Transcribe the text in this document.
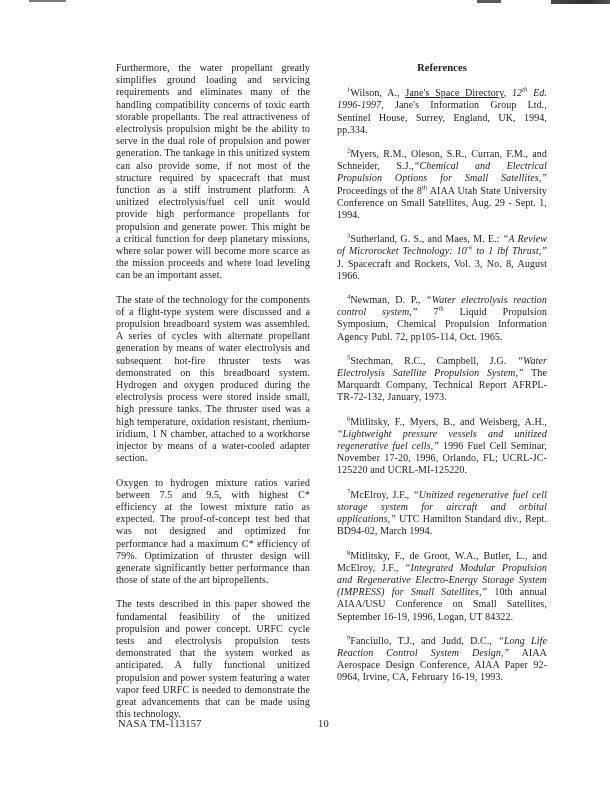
Furthermore, the water propellant greatly simplifies ground loading and servicing requirements and eliminates many of the handling compatibility concerns of toxic earth storable propellants. The real attractiveness of electrolysis propulsion might be the ability to serve in the dual role of propulsion and power generation. The tankage in this unitized system can also provide some, if not most of the structure required by spacecraft that must function as a stiff instrument platform. A unitized electrolysis/fuel cell unit would provide high performance propellants for propulsion and generate power. This might be a critical function for deep planetary missions, where solar power will become more scarce as the mission proceeds and where load leveling can be an important asset.

The state of the technology for the components of a flight-type system were discussed and a propulsion breadboard system was assembled. A series of cycles with alternate propellant generation by means of water electrolysis and subsequent hot-fire thruster tests was demonstrated on this breadboard system. Hydrogen and oxygen produced during the electrolysis process were stored inside small, high pressure tanks. The thruster used was a high temperature, oxidation resistant, rhenium-iridium, 1 N chamber, attached to a workhorse injector by means of a water-cooled adapter section.

Oxygen to hydrogen mixture ratios varied between 7.5 and 9.5, with highest C* efficiency at the lowest mixture ratio as expected. The proof-of-concept test bed that was not designed and optimized for performance had a maximum C* efficiency of 79%. Optimization of thruster design will generate significantly better performance than those of state of the art bipropellents.

The tests described in this paper showed the fundamental feasibility of the unitized propulsion and power concept. URFC cycle tests and electrolysis propulsion tests demonstrated that the system worked as anticipated. A fully functional unitized propulsion and power system featuring a water vapor feed URFC is needed to demonstrate the great advancements that can be made using this technology.

References

$^1$Wilson, A., Jane's Space Directory, 12th Ed. 1996-1997, Jane's Information Group Ltd., Sentinel House, Surrey, England, UK, 1994, pp.334.

$^2$Myers, R.M., Oleson, S.R., Curran, F.M., and Schneider, S.J.,“Chemical and Electrical Propulsion Options for Small Satellites,” Proceedings of the 8th AIAA Utah State University Conference on Small Satellites, Aug. 29 - Sept. 1, 1994.

$^3$Sutherland, G. S., and Maes, M. E.: “A Review of Microrocket Technology: $10^{-6}$ to 1 lbf Thrust,” J. Spacecraft and Rockets, Vol. 3, No. 8, August 1966.

$^4$Newman, D. P., “Water electrolysis reaction control system,” 7th Liquid Propulsion Symposium, Chemical Propulsion Information Agency Publ. 72, pp105-114, Oct. 1965.

$^5$Stechman, R.C., Campbell, J.G. “Water Electrolysis Satellite Propulsion System,” The Marquardt Company, Technical Report AFRPL-TR-72-132, January, 1973.

$^6$Mitlitsky, F., Myers, B., and Weisberg, A.H., “Lightweight pressure vessels and unitized regenerative fuel cells,” 1996 Fuel Cell Seminar, November 17-20, 1996, Orlando, FL; UCRL-JC-125220 and UCRL-MI-125220.

$^7$McElroy, J.F., “Unitized regenerative fuel cell storage system for aircraft and orbital applications,” UTC Hamilton Standard div., Rept. BD94-02, March 1994.

$^8$Mitlitsky, F., de Groot, W.A., Butler, L., and McElroy, J.F., “Integrated Modular Propulsion and Regenerative Electro-Energy Storage System (IMPRESS) for Small Satellites,” 10th annual AIAA/USU Conference on Small Satellites, September 16-19, 1996, Logan, UT 84322.

$^9$Fanciullo, T.J., and Judd, D.C., “Long Life Reaction Control System Design,” AIAA Aerospace Design Conference, AIAA Paper 92-0964, Irvine, CA, February 16-19, 1993.

NASA TM-113157	10
